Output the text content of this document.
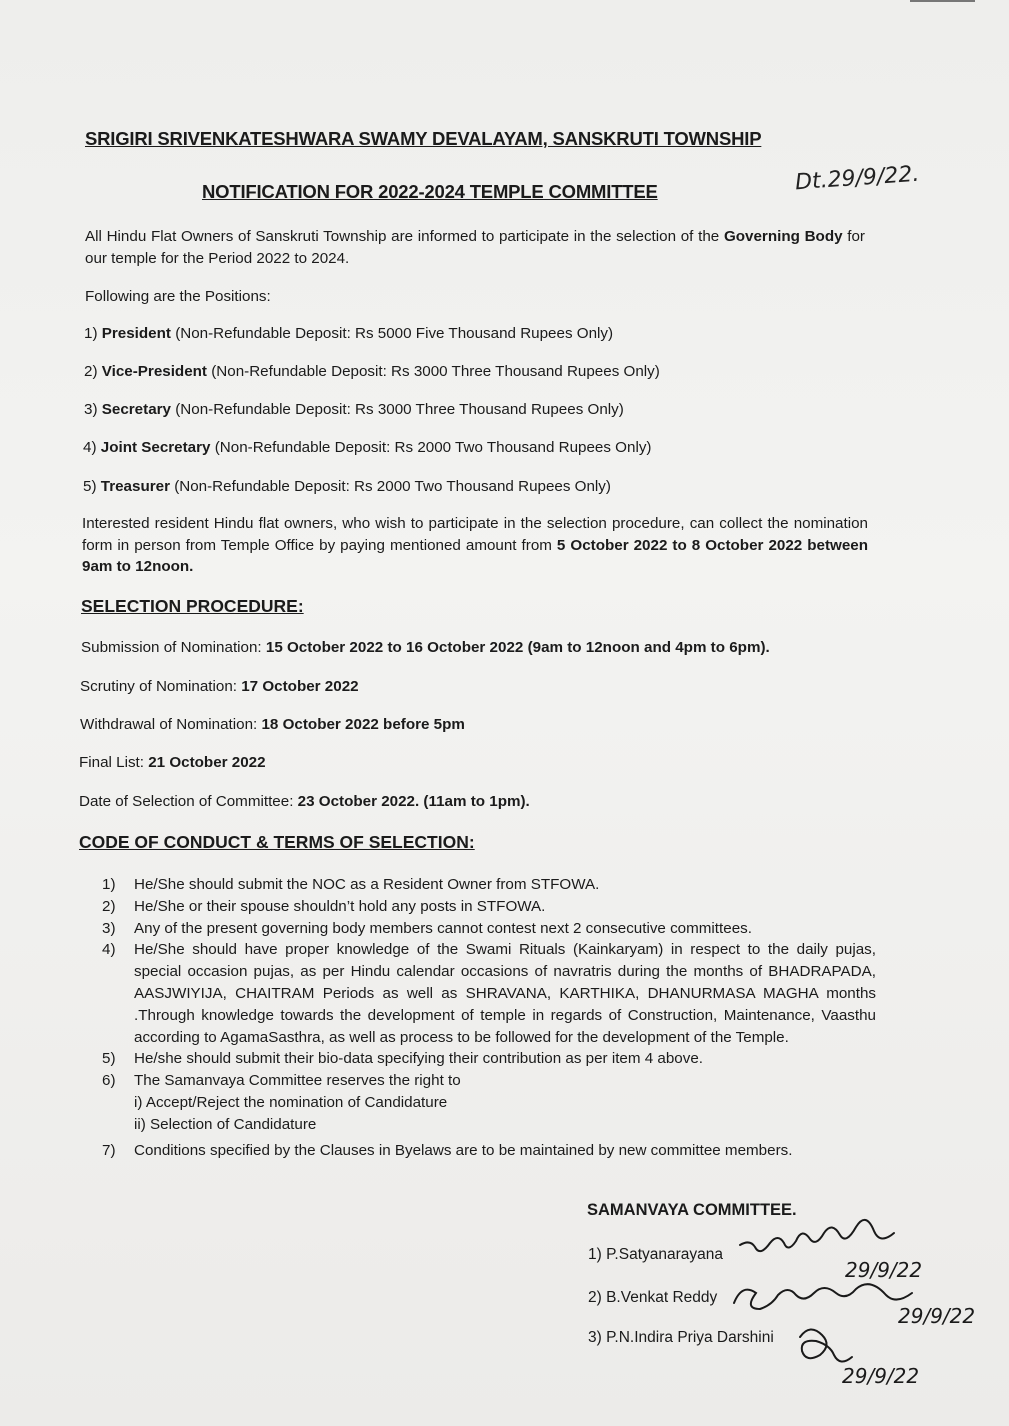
SRIGIRI SRIVENKATESHWARA SWAMY DEVALAYAM, SANSKRUTI TOWNSHIP
NOTIFICATION FOR 2022-2024 TEMPLE COMMITTEE	Dt.29/9/22.

All Hindu Flat Owners of Sanskruti Township are informed to participate in the selection of the Governing Body for our temple for the Period 2022 to 2024.

Following are the Positions:

1) President (Non-Refundable Deposit: Rs 5000 Five Thousand Rupees Only)

2) Vice-President (Non-Refundable Deposit: Rs 3000 Three Thousand Rupees Only)

3) Secretary (Non-Refundable Deposit: Rs 3000 Three Thousand Rupees Only)

4) Joint Secretary (Non-Refundable Deposit: Rs 2000 Two Thousand Rupees Only)

5) Treasurer (Non-Refundable Deposit: Rs 2000 Two Thousand Rupees Only)

Interested resident Hindu flat owners, who wish to participate in the selection procedure, can collect the nomination form in person from Temple Office by paying mentioned amount from 5 October 2022 to 8 October 2022 between 9am to 12noon.

SELECTION PROCEDURE:

Submission of Nomination: 15 October 2022 to 16 October 2022 (9am to 12noon and 4pm to 6pm).

Scrutiny of Nomination: 17 October 2022

Withdrawal of Nomination: 18 October 2022 before 5pm

Final List: 21 October 2022

Date of Selection of Committee: 23 October 2022. (11am to 1pm).

CODE OF CONDUCT & TERMS OF SELECTION:
1) He/She should submit the NOC as a Resident Owner from STFOWA.
2) He/She or their spouse shouldn’t hold any posts in STFOWA.
3) Any of the present governing body members cannot contest next 2 consecutive committees.
4) He/She should have proper knowledge of the Swami Rituals (Kainkaryam) in respect to the daily pujas, special occasion pujas, as per Hindu calendar occasions of navratris during the months of BHADRAPADA, AASJWIYIJA, CHAITRAM Periods as well as SHRAVANA, KARTHIKA, DHANURMASA MAGHA months .Through knowledge towards the development of temple in regards of Construction, Maintenance, Vaasthu according to AgamaSasthra, as well as process to be followed for the development of the Temple.
5) He/she should submit their bio-data specifying their contribution as per item 4 above.
6) The Samanvaya Committee reserves the right to
i) Accept/Reject the nomination of Candidature
ii) Selection of Candidature
7) Conditions specified by the Clauses in Byelaws are to be maintained by new committee members.
SAMANVAYA COMMITTEE.
1) P.Satyanarayana
2) B.Venkat Reddy
3) P.N.Indira Priya Darshini
29/9/22
29/9/22
29/9/22
